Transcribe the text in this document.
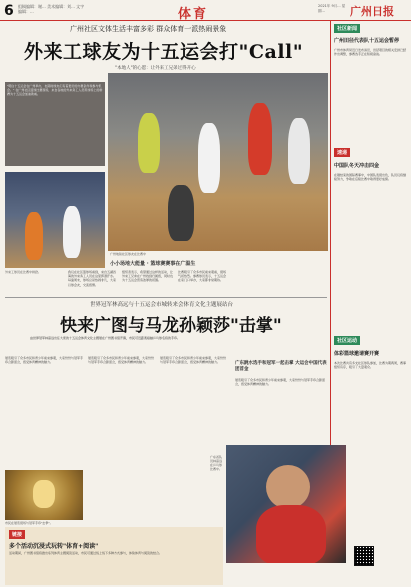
6 组稿编辑：谢... 美术编辑：刘... 文字编辑：...	体育
2021年 9月... 星期...	广州日报
广州社区文体生活丰富多彩 群众体育一派热闹景象
外来工球友为十五运会打"Call"
"本地人"的心愿：让外来工兄弟过得开心
"明白十五运会在广州举办，也期待球友们有着更好的办赛条件和参与机会。" 在广州社区篮球比赛现场，来自各地的外来务工人员用球场上的拼搏为十五运会加油助威。
广州地铁社区球友在比赛中
小小场地大能量 · 篮球赛赛事在广温生
外来工球员在比赛中拼抢。	我们在社区篮球场看到，来自五湖四海的外来务工人员在这里挥洒汗水。每逢周末，球场总是热闹非凡，大家以球会友，交流感情。
组织者表示，希望通过这样的活动，让外来工兄弟在广州找到归属感，同时也为十五运会营造浓厚的氛围。
比赛吸引了众多市民前来观看，现场气氛热烈。参赛球员表示，十五运会在家门口举办，大家都非常期待。
社区新闻
广州田径代表队十五运会暂停
广州市体育局近日发布消息，田径项目的相关安排已经作出调整，参赛选手正在积极备战。
速递
中国队冬天冲击四金
在刚结束的国际赛事中，中国队表现出色，队员们将继续努力，争取在后续比赛中取得更好成绩。
社区运动
体彩篮球邀请赛开赛
本次比赛共有多支社区球队参加，比赛为期两周，赛事组织有序，吸引了大量观众。
世界冠军林高远与十五运会市城转来会体育文化主题展站台
快来广图与马龙孙颖莎"击掌"
由世界冠军林高远出任大使的十五运会体育文化主题展在广州图书馆开幕，市民可近距离接触乒乓球名将的手印。
广东跳水选手和冠军一起击掌 大运会中国代表团首金
展览吸引了众多市民和青少年前来参观，大家纷纷与冠军手印合影留念，感受体育精神的魅力。
展览吸引了众多市民和青少年前来参观，大家纷纷与冠军手印合影留念，感受体育精神的魅力。
展览吸引了众多市民和青少年前来参观，大家纷纷与冠军手印合影留念，感受体育精神的魅力。
展览吸引了众多市民和青少年前来参观，大家纷纷与冠军手印合影留念，感受体育精神的魅力。
市民在展览现场与冠军手印"击掌"。
广东省队员林高远在乒乓球比赛中。
链接
多个活动沉浸式玩转"体育+阅读"
活动期间，广州图书馆将推出系列体育主题阅读活动，市民可通过线上线下多种方式参与，体验体育与阅读的结合。
